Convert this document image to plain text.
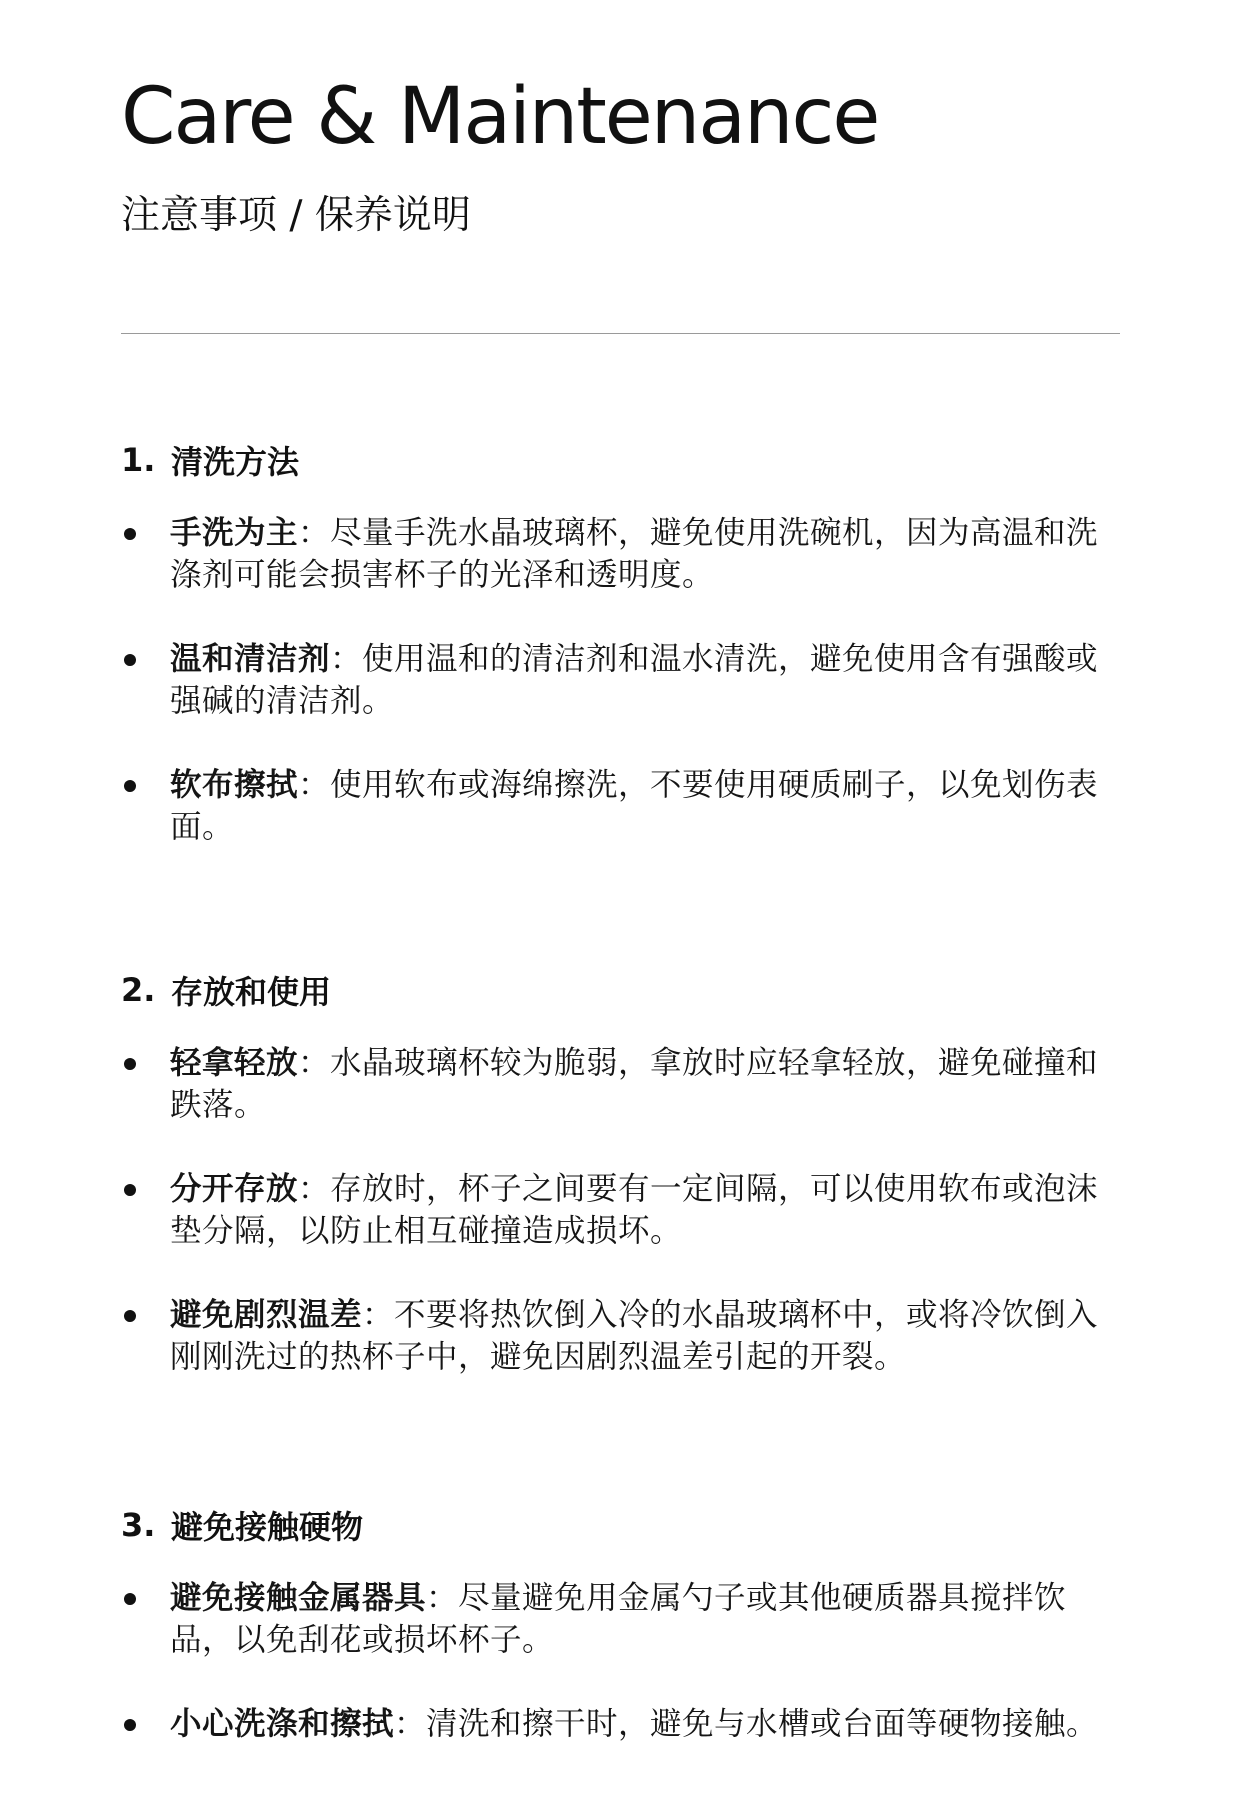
Care & Maintenance
注意事项 / 保养说明
1. 清洗方法
手洗为主：尽量手洗水晶玻璃杯，避免使用洗碗机，因为高温和洗涤剂可能会损害杯子的光泽和透明度。
温和清洁剂：使用温和的清洁剂和温水清洗，避免使用含有强酸或强碱的清洁剂。
软布擦拭：使用软布或海绵擦洗，不要使用硬质刷子，以免划伤表面。
2. 存放和使用
轻拿轻放：水晶玻璃杯较为脆弱，拿放时应轻拿轻放，避免碰撞和跌落。
分开存放：存放时，杯子之间要有一定间隔，可以使用软布或泡沫垫分隔，以防止相互碰撞造成损坏。
避免剧烈温差：不要将热饮倒入冷的水晶玻璃杯中，或将冷饮倒入刚刚洗过的热杯子中，避免因剧烈温差引起的开裂。
3. 避免接触硬物
避免接触金属器具：尽量避免用金属勺子或其他硬质器具搅拌饮品，以免刮花或损坏杯子。
小心洗涤和擦拭：清洗和擦干时，避免与水槽或台面等硬物接触。
